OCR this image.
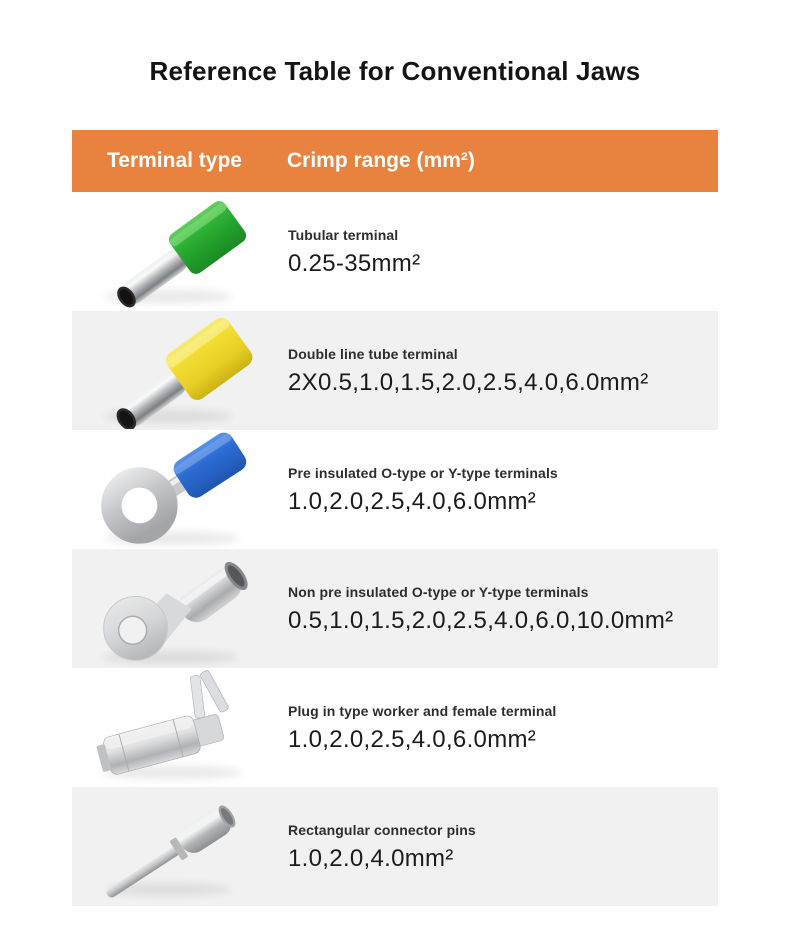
Reference Table for Conventional Jaws
Terminal type Crimp range (mm²)
Tubular terminal
0.25-35mm²
Double line tube terminal
2X0.5,1.0,1.5,2.0,2.5,4.0,6.0mm²
Pre insulated O-type or Y-type terminals
1.0,2.0,2.5,4.0,6.0mm²
Non pre insulated O-type or Y-type terminals
0.5,1.0,1.5,2.0,2.5,4.0,6.0,10.0mm²
Plug in type worker and female terminal
1.0,2.0,2.5,4.0,6.0mm²
Rectangular connector pins
1.0,2.0,4.0mm²
